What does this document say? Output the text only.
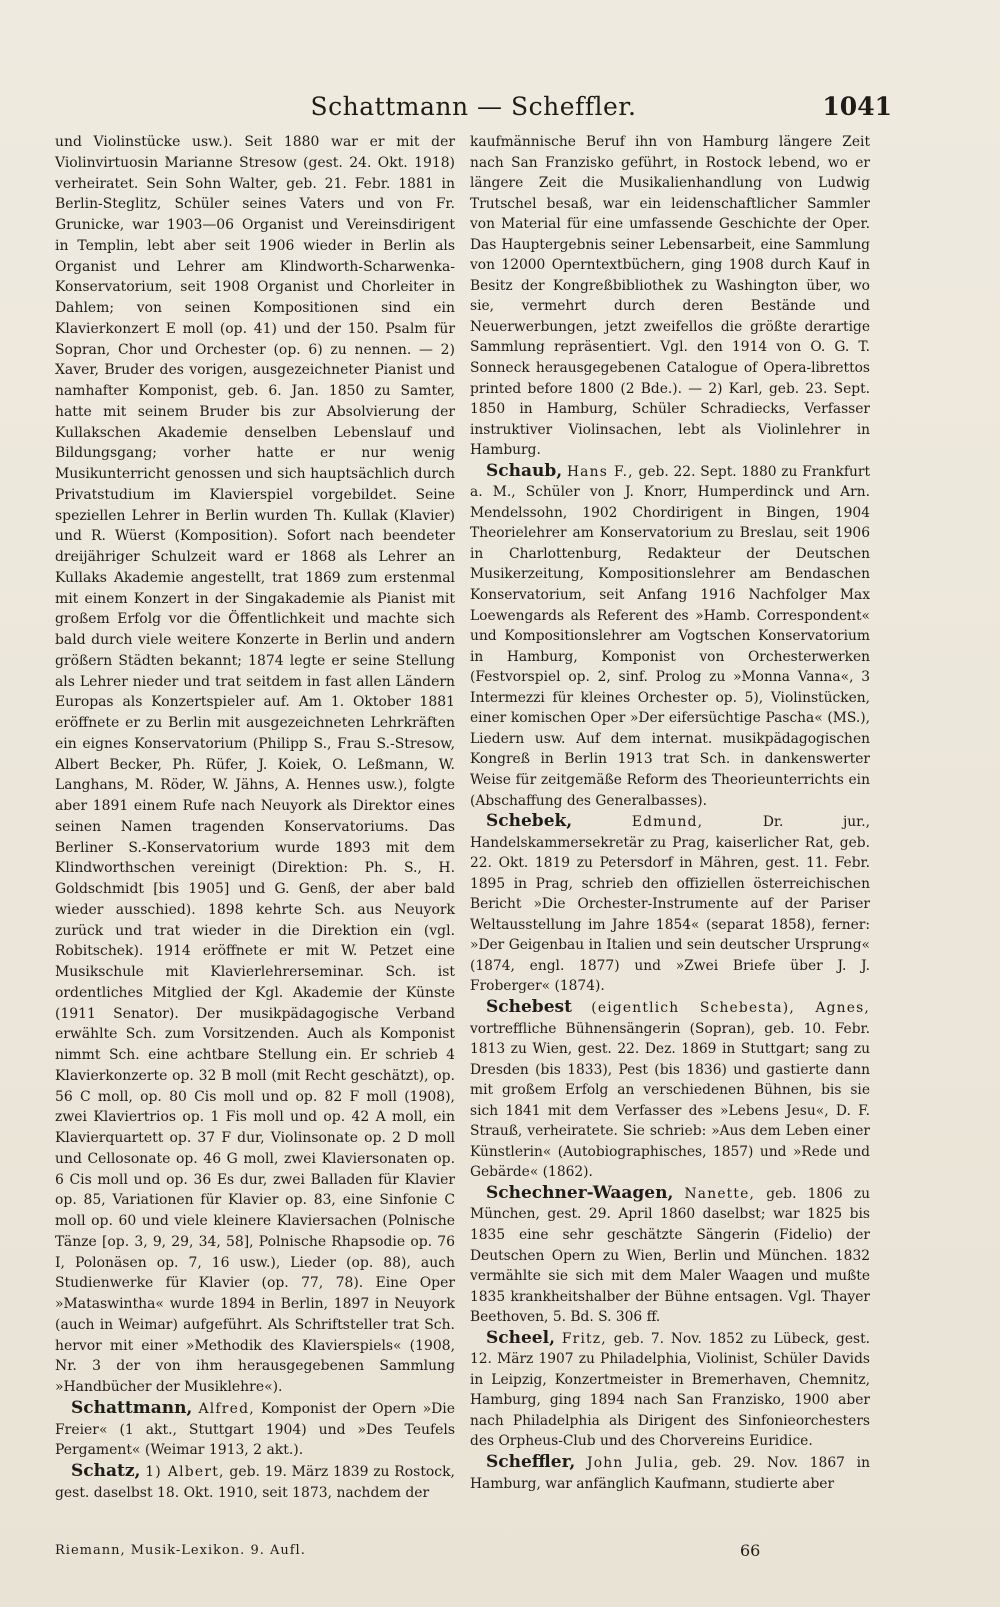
Schattmann — Scheffler.	1041

und Violinstücke usw.). Seit 1880 war er mit der Violinvirtuosin Marianne Stresow (gest. 24. Okt. 1918) verheiratet. Sein Sohn Walter, geb. 21. Febr. 1881 in Berlin-Steglitz, Schüler seines Vaters und von Fr. Grunicke, war 1903—06 Organist und Vereinsdirigent in Templin, lebt aber seit 1906 wieder in Berlin als Organist und Lehrer am Klindworth-Scharwenka-Konservatorium, seit 1908 Organist und Chorleiter in Dahlem; von seinen Kompositionen sind ein Klavierkonzert E moll (op. 41) und der 150. Psalm für Sopran, Chor und Orchester (op. 6) zu nennen. — 2) Xaver, Bruder des vorigen, ausgezeichneter Pianist und namhafter Komponist, geb. 6. Jan. 1850 zu Samter, hatte mit seinem Bruder bis zur Absolvierung der Kullakschen Akademie denselben Lebenslauf und Bildungsgang; vorher hatte er nur wenig Musikunterricht genossen und sich hauptsächlich durch Privatstudium im Klavierspiel vorgebildet. Seine speziellen Lehrer in Berlin wurden Th. Kullak (Klavier) und R. Wüerst (Komposition). Sofort nach beendeter dreijähriger Schulzeit ward er 1868 als Lehrer an Kullaks Akademie angestellt, trat 1869 zum erstenmal mit einem Konzert in der Singakademie als Pianist mit großem Erfolg vor die Öffentlichkeit und machte sich bald durch viele weitere Konzerte in Berlin und andern größern Städten bekannt; 1874 legte er seine Stellung als Lehrer nieder und trat seitdem in fast allen Ländern Europas als Konzertspieler auf. Am 1. Oktober 1881 eröffnete er zu Berlin mit ausgezeichneten Lehrkräften ein eignes Konservatorium (Philipp S., Frau S.-Stresow, Albert Becker, Ph. Rüfer, J. Koiek, O. Leßmann, W. Langhans, M. Röder, W. Jähns, A. Hennes usw.), folgte aber 1891 einem Rufe nach Neuyork als Direktor eines seinen Namen tragenden Konservatoriums. Das Berliner S.-Konservatorium wurde 1893 mit dem Klindworthschen vereinigt (Direktion: Ph. S., H. Goldschmidt [bis 1905] und G. Genß, der aber bald wieder ausschied). 1898 kehrte Sch. aus Neuyork zurück und trat wieder in die Direktion ein (vgl. Robitschek). 1914 eröffnete er mit W. Petzet eine Musikschule mit Klavierlehrerseminar. Sch. ist ordentliches Mitglied der Kgl. Akademie der Künste (1911 Senator). Der musikpädagogische Verband erwählte Sch. zum Vorsitzenden. Auch als Komponist nimmt Sch. eine achtbare Stellung ein. Er schrieb 4 Klavierkonzerte op. 32 B moll (mit Recht geschätzt), op. 56 C moll, op. 80 Cis moll und op. 82 F moll (1908), zwei Klaviertrios op. 1 Fis moll und op. 42 A moll, ein Klavierquartett op. 37 F dur, Violinsonate op. 2 D moll und Cellosonate op. 46 G moll, zwei Klaviersonaten op. 6 Cis moll und op. 36 Es dur, zwei Balladen für Klavier op. 85, Variationen für Klavier op. 83, eine Sinfonie C moll op. 60 und viele kleinere Klaviersachen (Polnische Tänze [op. 3, 9, 29, 34, 58], Polnische Rhapsodie op. 76 I, Polonäsen op. 7, 16 usw.), Lieder (op. 88), auch Studienwerke für Klavier (op. 77, 78). Eine Oper »Mataswintha« wurde 1894 in Berlin, 1897 in Neuyork (auch in Weimar) aufgeführt. Als Schriftsteller trat Sch. hervor mit einer »Methodik des Klavierspiels« (1908, Nr. 3 der von ihm herausgegebenen Sammlung »Handbücher der Musiklehre«).

Schattmann, Alfred, Komponist der Opern »Die Freier« (1 akt., Stuttgart 1904) und »Des Teufels Pergament« (Weimar 1913, 2 akt.).

Schatz, 1) Albert, geb. 19. März 1839 zu Rostock, gest. daselbst 18. Okt. 1910, seit 1873, nachdem der

kaufmännische Beruf ihn von Hamburg längere Zeit nach San Franzisko geführt, in Rostock lebend, wo er längere Zeit die Musikalienhandlung von Ludwig Trutschel besaß, war ein leidenschaftlicher Sammler von Material für eine umfassende Geschichte der Oper. Das Hauptergebnis seiner Lebensarbeit, eine Sammlung von 12000 Operntextbüchern, ging 1908 durch Kauf in Besitz der Kongreßbibliothek zu Washington über, wo sie, vermehrt durch deren Bestände und Neuerwerbungen, jetzt zweifellos die größte derartige Sammlung repräsentiert. Vgl. den 1914 von O. G. T. Sonneck herausgegebenen Catalogue of Opera-librettos printed before 1800 (2 Bde.). — 2) Karl, geb. 23. Sept. 1850 in Hamburg, Schüler Schradiecks, Verfasser instruktiver Violinsachen, lebt als Violinlehrer in Hamburg.

Schaub, Hans F., geb. 22. Sept. 1880 zu Frankfurt a. M., Schüler von J. Knorr, Humperdinck und Arn. Mendelssohn, 1902 Chordirigent in Bingen, 1904 Theorielehrer am Konservatorium zu Breslau, seit 1906 in Charlottenburg, Redakteur der Deutschen Musikerzeitung, Kompositionslehrer am Bendaschen Konservatorium, seit Anfang 1916 Nachfolger Max Loewengards als Referent des »Hamb. Correspondent« und Kompositionslehrer am Vogtschen Konservatorium in Hamburg, Komponist von Orchesterwerken (Festvorspiel op. 2, sinf. Prolog zu »Monna Vanna«, 3 Intermezzi für kleines Orchester op. 5), Violinstücken, einer komischen Oper »Der eifersüchtige Pascha« (MS.), Liedern usw. Auf dem internat. musikpädagogischen Kongreß in Berlin 1913 trat Sch. in dankenswerter Weise für zeitgemäße Reform des Theorieunterrichts ein (Abschaffung des Generalbasses).

Schebek,	Edmund,	Dr. jur., Handelskammersekretär zu Prag, kaiserlicher Rat, geb. 22. Okt. 1819 zu Petersdorf in Mähren, gest. 11. Febr. 1895 in Prag, schrieb den offiziellen österreichischen Bericht »Die Orchester-Instrumente auf der Pariser Weltausstellung im Jahre 1854« (separat 1858), ferner: »Der Geigenbau in Italien und sein deutscher Ursprung« (1874, engl. 1877) und »Zwei Briefe über J. J. Froberger« (1874).

Schebest (eigentlich Schebesta), Agnes, vortreffliche Bühnensängerin (Sopran), geb. 10. Febr. 1813 zu Wien, gest. 22. Dez. 1869 in Stuttgart; sang zu Dresden (bis 1833), Pest (bis 1836) und gastierte dann mit großem Erfolg an verschiedenen Bühnen, bis sie sich 1841 mit dem Verfasser des »Lebens Jesu«, D. F. Strauß, verheiratete. Sie schrieb: »Aus dem Leben einer Künstlerin« (Autobiographisches, 1857) und »Rede und Gebärde« (1862).

Schechner-Waagen, Nanette, geb. 1806 zu München, gest. 29. April 1860 daselbst; war 1825 bis 1835 eine sehr geschätzte Sängerin (Fidelio) der Deutschen Opern zu Wien, Berlin und München. 1832 vermählte sie sich mit dem Maler Waagen und mußte 1835 krankheitshalber der Bühne entsagen. Vgl. Thayer Beethoven, 5. Bd. S. 306 ff.

Scheel, Fritz, geb. 7. Nov. 1852 zu Lübeck, gest. 12. März 1907 zu Philadelphia, Violinist, Schüler Davids in Leipzig, Konzertmeister in Bremerhaven, Chemnitz, Hamburg, ging 1894 nach San Franzisko, 1900 aber nach Philadelphia als Dirigent des Sinfonieorchesters des Orpheus-Club und des Chorvereins Euridice.

Scheffler, John Julia, geb. 29. Nov. 1867 in Hamburg, war anfänglich Kaufmann, studierte aber

Riemann, Musik-Lexikon. 9. Aufl.	66
